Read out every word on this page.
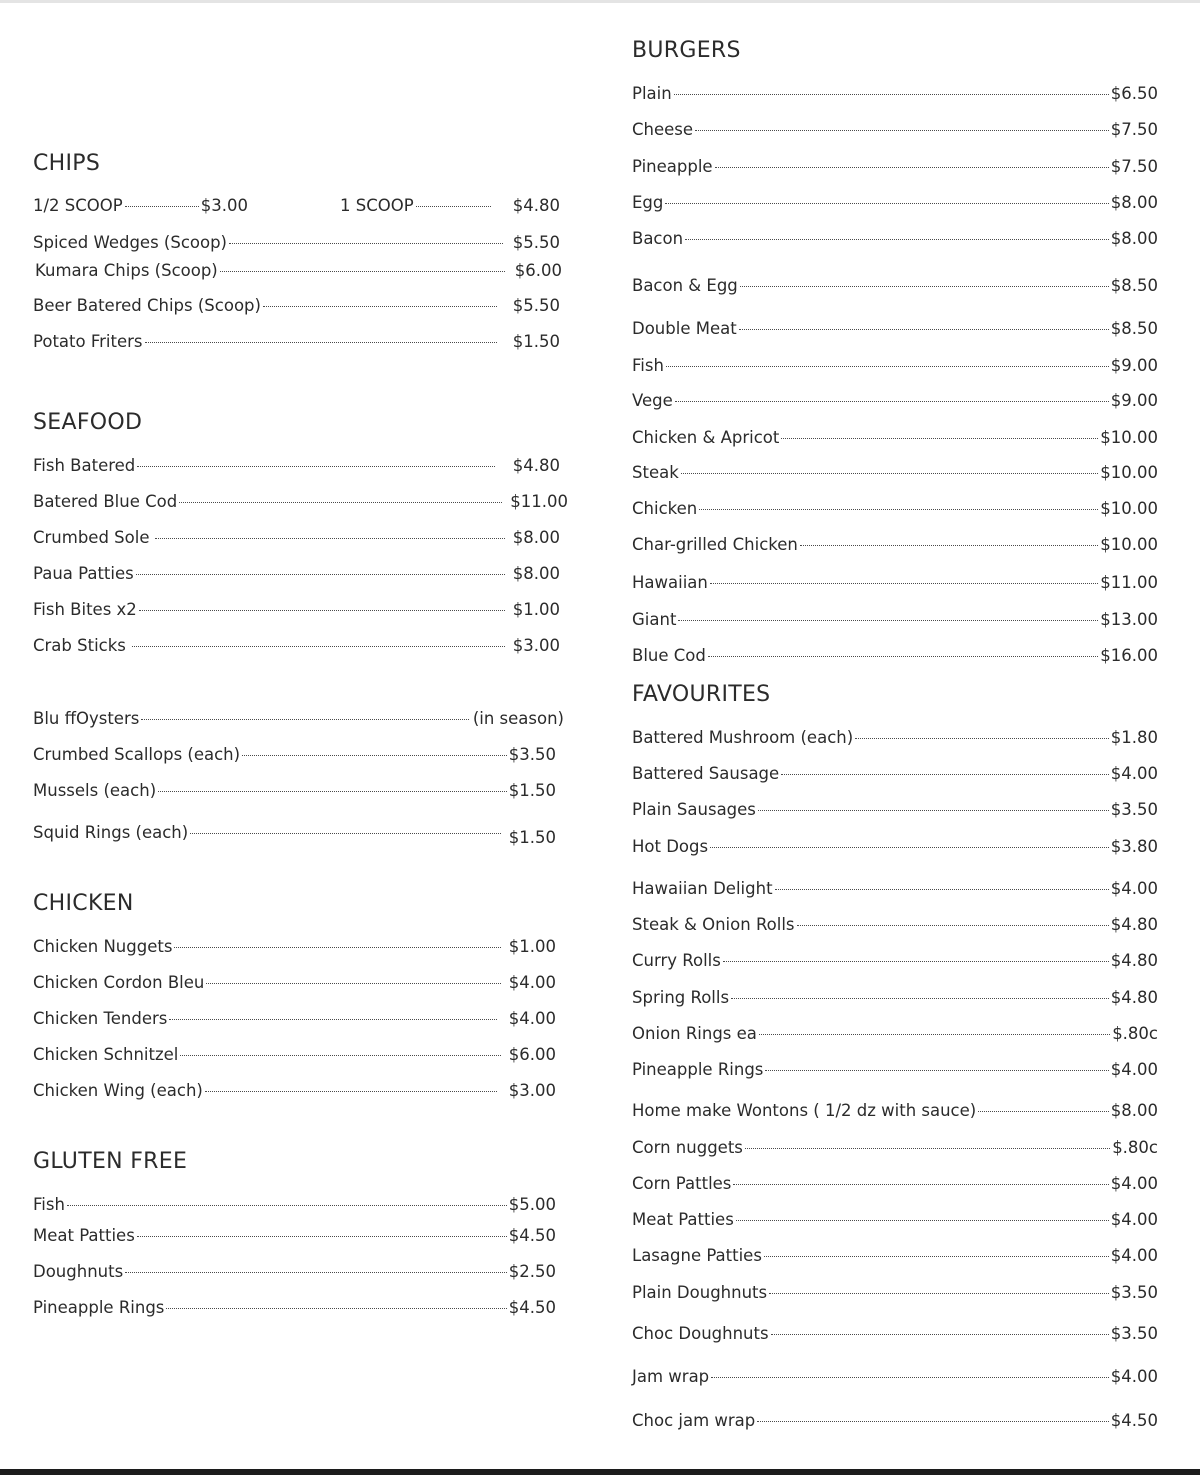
CHIPS
1/2 SCOOP	$3.00	1 SCOOP	$4.80
Spiced Wedges (Scoop)	$5.50
Kumara Chips (Scoop)	$6.00
Beer Batered Chips (Scoop)	$5.50
Potato Friters	$1.50
SEAFOOD
Fish Batered	$4.80
Batered Blue Cod	$11.00
Crumbed Sole	$8.00
Paua Patties	$8.00
Fish Bites x2	$1.00
Crab Sticks	$3.00
Blu ffOysters	(in season)
Crumbed Scallops (each)	$3.50
Mussels (each)	$1.50
Squid Rings (each)	$1.50
CHICKEN
Chicken Nuggets	$1.00
Chicken Cordon Bleu	$4.00
Chicken Tenders	$4.00
Chicken Schnitzel	$6.00
Chicken Wing (each)	$3.00
GLUTEN FREE
Fish	$5.00
Meat Patties	$4.50
Doughnuts	$2.50
Pineapple Rings	$4.50
BURGERS
Plain	$6.50
Cheese	$7.50
Pineapple	$7.50
Egg	$8.00
Bacon	$8.00
Bacon & Egg	$8.50
Double Meat	$8.50
Fish	$9.00
Vege	$9.00
Chicken & Apricot	$10.00
Steak	$10.00
Chicken	$10.00
Char-grilled Chicken	$10.00
Hawaiian	$11.00
Giant	$13.00
Blue Cod	$16.00
FAVOURITES
Battered Mushroom (each)	$1.80
Battered Sausage	$4.00
Plain Sausages	$3.50
Hot Dogs	$3.80
Hawaiian Delight	$4.00
Steak & Onion Rolls	$4.80
Curry Rolls	$4.80
Spring Rolls	$4.80
Onion Rings ea	$.80c
Pineapple Rings	$4.00
Home make Wontons ( 1/2 dz with sauce)	$8.00
Corn nuggets	$.80c
Corn Pattles	$4.00
Meat Patties	$4.00
Lasagne Patties	$4.00
Plain Doughnuts	$3.50
Choc Doughnuts	$3.50
Jam wrap	$4.00
Choc jam wrap	$4.50
